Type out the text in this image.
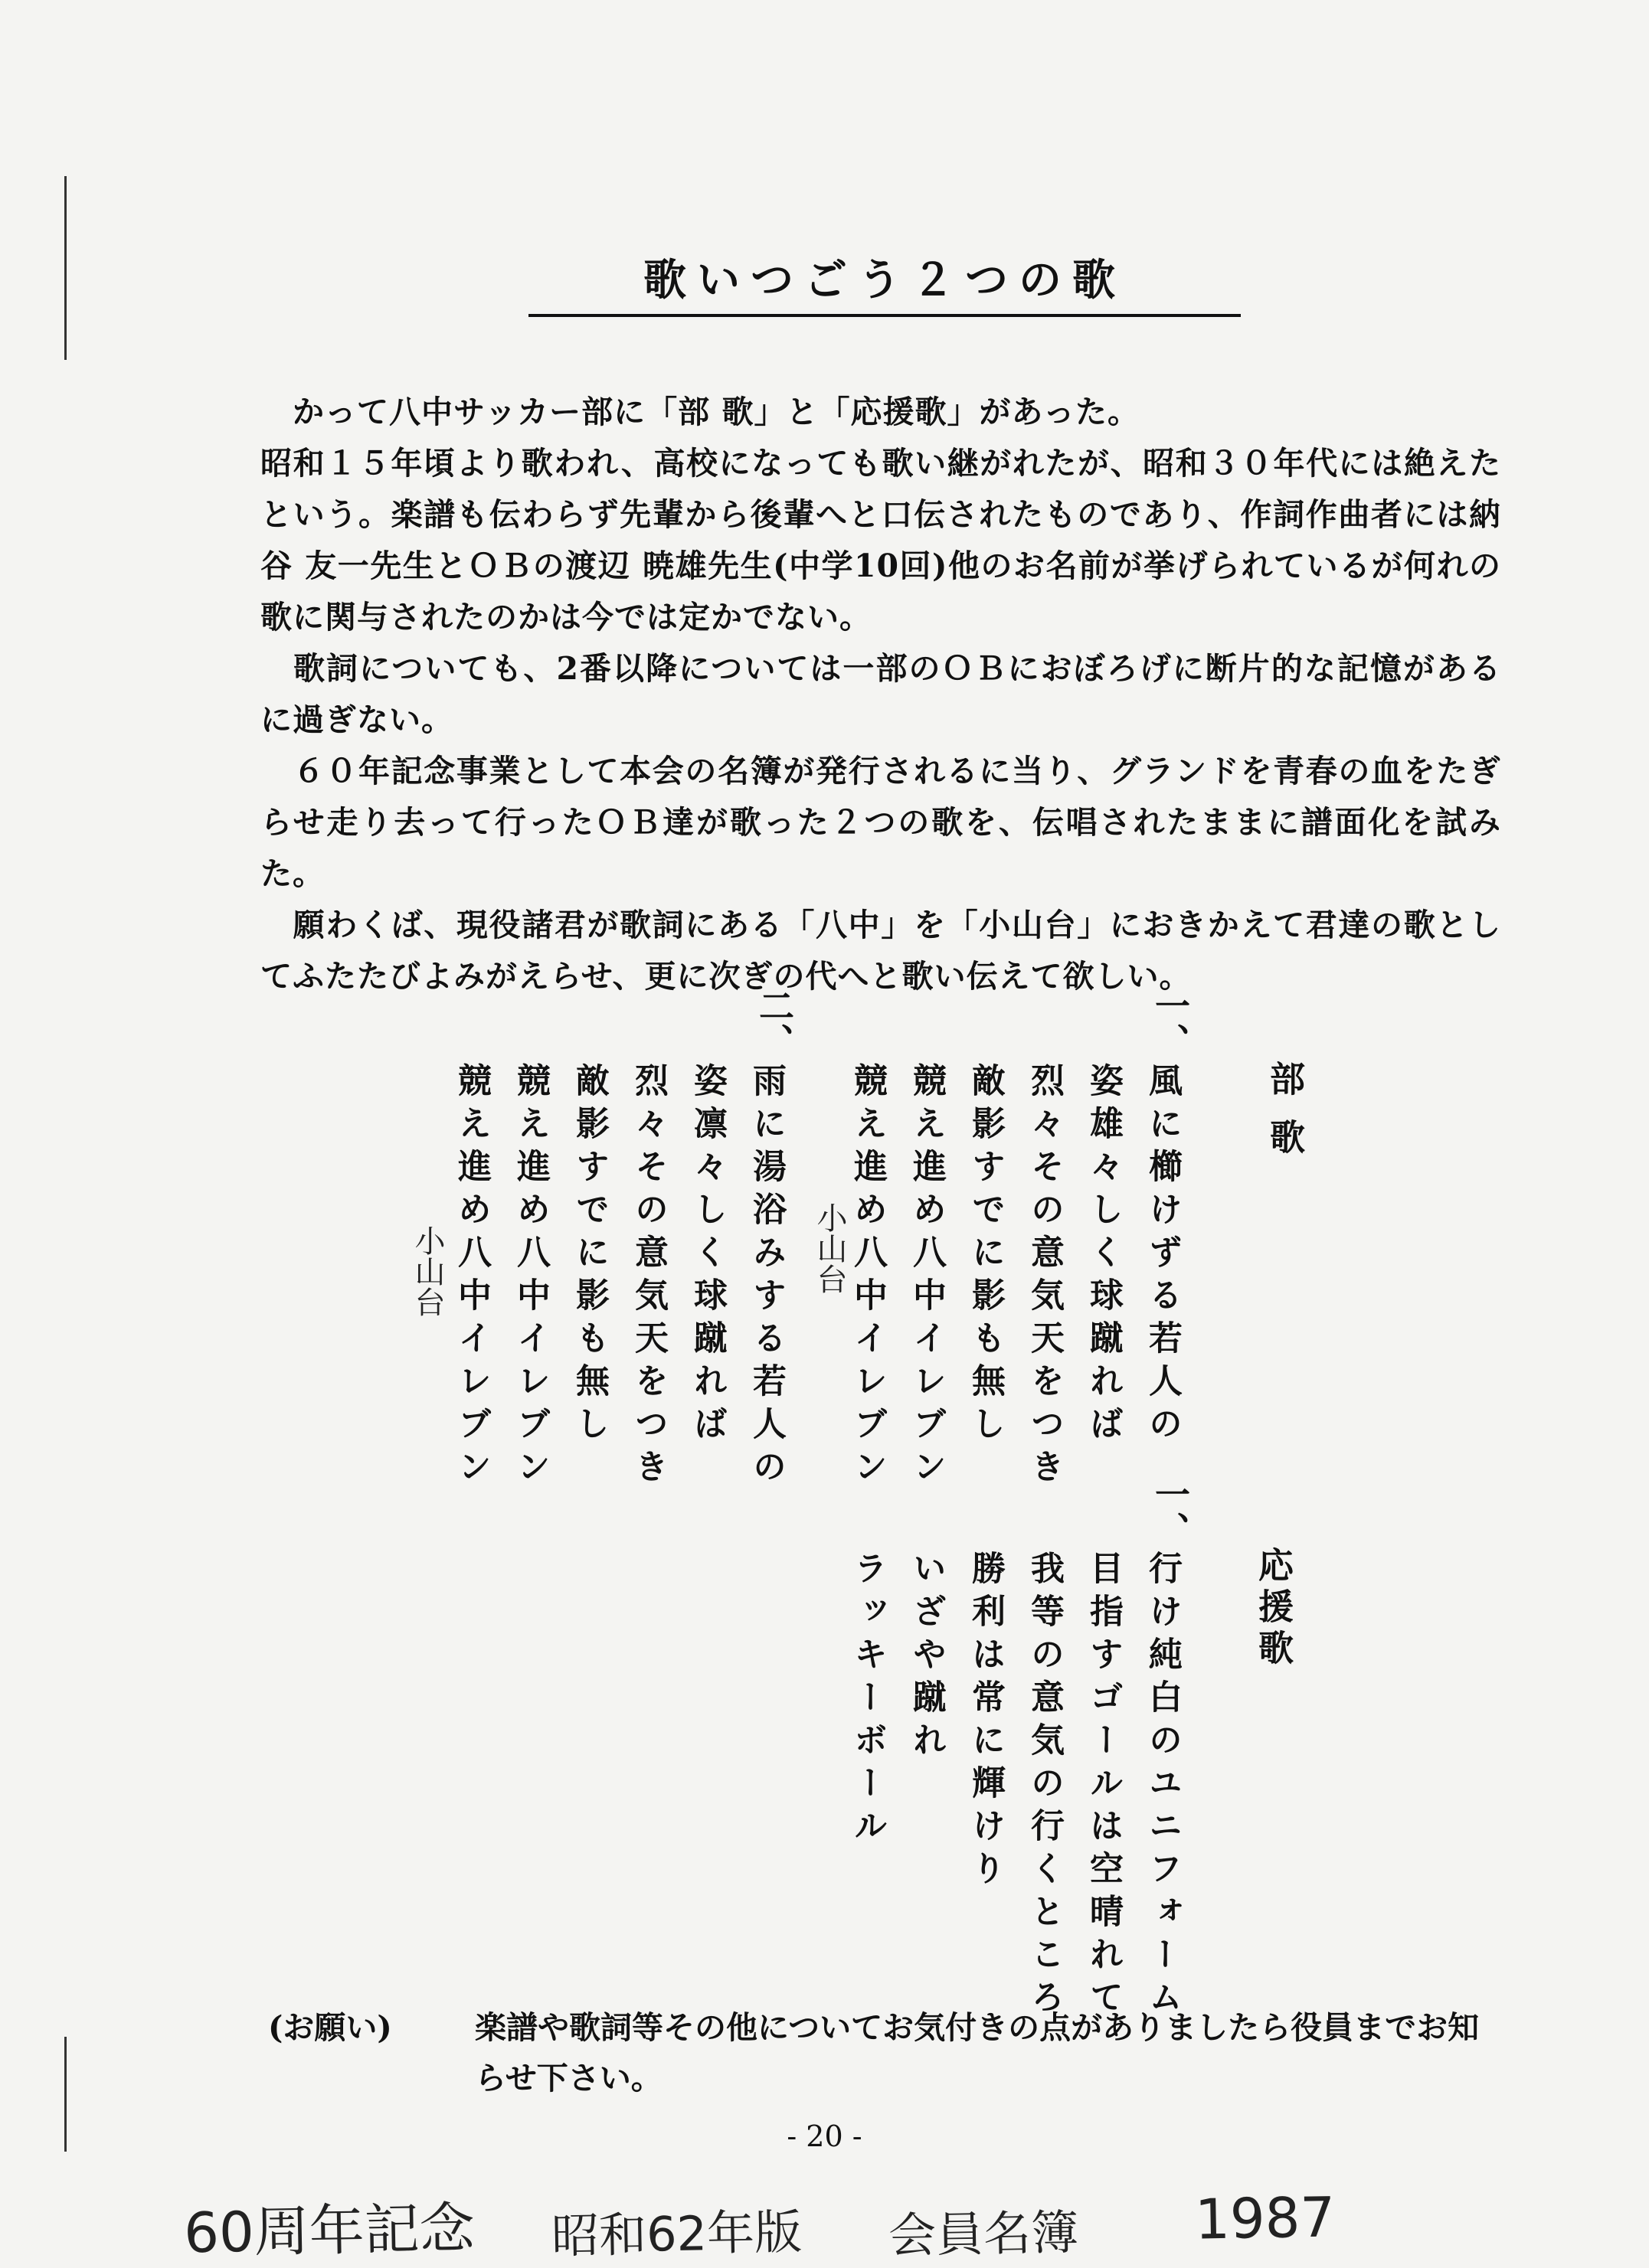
歌いつごう２つの歌

　かって八中サッカー部に「部 歌」と「応援歌」があった。

昭和１５年頃より歌われ、高校になっても歌い継がれたが、昭和３０年代には絶えたという。楽譜も伝わらず先輩から後輩へと口伝されたものであり、作詞作曲者には納谷 友一先生とＯＢの渡辺 暁雄先生(中学10回)他のお名前が挙げられているが何れの歌に関与されたのかは今では定かでない。

　歌詞についても、2番以降については一部のＯＢにおぼろげに断片的な記憶があるに過ぎない。

　６０年記念事業として本会の名簿が発行されるに当り、グランドを青春の血をたぎらせ走り去って行ったＯＢ達が歌った２つの歌を、伝唱されたままに譜面化を試みた。

　願わくば、現役諸君が歌詞にある「八中」を「小山台」におきかえて君達の歌としてふたたびよみがえらせ、更に次ぎの代へと歌い伝えて欲しい。

部歌
一、
風に櫛けずる若人の
姿雄々しく球蹴れば
烈々その意気天をつき
敵影すでに影も無し
競え進め八中イレブン
競え進め八中イレブン
小山台
二、
雨に湯浴みする若人の
姿凛々しく球蹴れば
烈々その意気天をつき
敵影すでに影も無し
競え進め八中イレブン
競え進め八中イレブン
小山台
応援歌
一、
行け純白のユニフォーム
目指すゴールは空晴れて
我等の意気の行くところ
勝利は常に輝けり
いざや蹴れ
ラッキーボール
(お願い)	楽譜や歌詞等その他についてお気付きの点がありましたら役員までお知らせ下さい。
- 20 -
60周年記念 昭和62年版 会員名簿 1987
